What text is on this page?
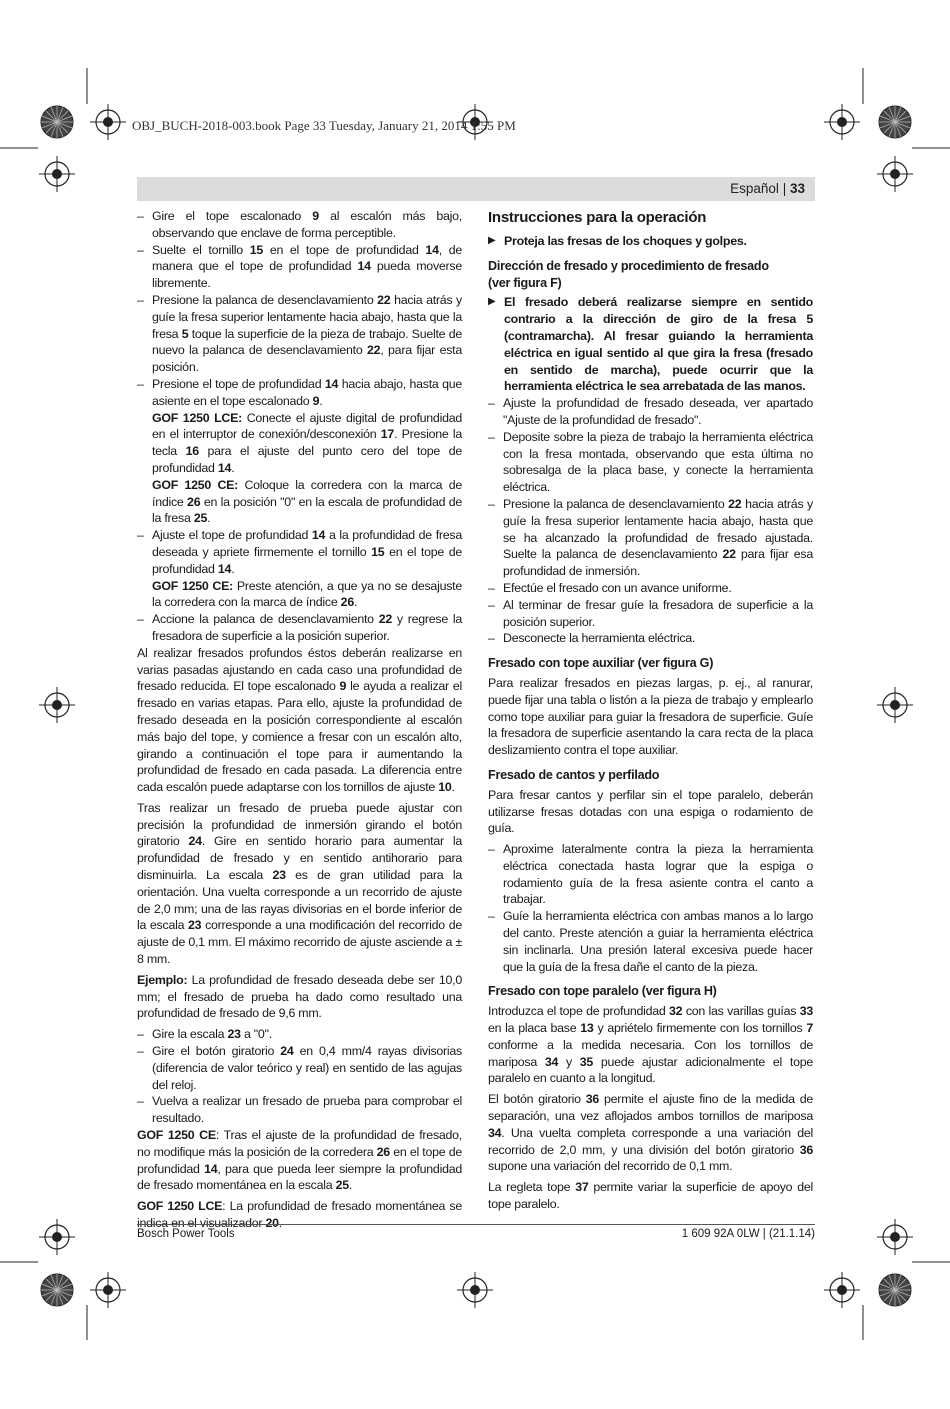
OBJ_BUCH-2018-003.book Page 33 Tuesday, January 21, 2014 1:55 PM
Español | 33

– Gire el tope escalonado 9 al escalón más bajo, observando que enclave de forma perceptible.

– Suelte el tornillo 15 en el tope de profundidad 14, de manera que el tope de profundidad 14 pueda moverse libremente.

– Presione la palanca de desenclavamiento 22 hacia atrás y guíe la fresa superior lentamente hacia abajo, hasta que la fresa 5 toque la superficie de la pieza de trabajo. Suelte de nuevo la palanca de desenclavamiento 22, para fijar esta posición.

– Presione el tope de profundidad 14 hacia abajo, hasta que asiente en el tope escalonado 9.

GOF 1250 LCE: Conecte el ajuste digital de profundidad en el interruptor de conexión/desconexión 17. Presione la tecla 16 para el ajuste del punto cero del tope de profundidad 14.

GOF 1250 CE: Coloque la corredera con la marca de índice 26 en la posición "0" en la escala de profundidad de la fresa 25.

– Ajuste el tope de profundidad 14 a la profundidad de fresa deseada y apriete firmemente el tornillo 15 en el tope de profundidad 14.

GOF 1250 CE: Preste atención, a que ya no se desajuste la corredera con la marca de índice 26.

– Accione la palanca de desenclavamiento 22 y regrese la fresadora de superficie a la posición superior.

Al realizar fresados profundos éstos deberán realizarse en varias pasadas ajustando en cada caso una profundidad de fresado reducida. El tope escalonado 9 le ayuda a realizar el fresado en varias etapas. Para ello, ajuste la profundidad de fresado deseada en la posición correspondiente al escalón más bajo del tope, y comience a fresar con un escalón alto, girando a continuación el tope para ir aumentando la profundidad de fresado en cada pasada. La diferencia entre cada escalón puede adaptarse con los tornillos de ajuste 10.

Tras realizar un fresado de prueba puede ajustar con precisión la profundidad de inmersión girando el botón giratorio 24. Gire en sentido horario para aumentar la profundidad de fresado y en sentido antihorario para disminuirla. La escala 23 es de gran utilidad para la orientación. Una vuelta corresponde a un recorrido de ajuste de 2,0 mm; una de las rayas divisorias en el borde inferior de la escala 23 corresponde a una modificación del recorrido de ajuste de 0,1 mm. El máximo recorrido de ajuste asciende a ± 8 mm.

Ejemplo: La profundidad de fresado deseada debe ser 10,0 mm; el fresado de prueba ha dado como resultado una profundidad de fresado de 9,6 mm.

– Gire la escala 23 a "0".

– Gire el botón giratorio 24 en 0,4 mm/4 rayas divisorias (diferencia de valor teórico y real) en sentido de las agujas del reloj.

– Vuelva a realizar un fresado de prueba para comprobar el resultado.

GOF 1250 CE: Tras el ajuste de la profundidad de fresado, no modifique más la posición de la corredera 26 en el tope de profundidad 14, para que pueda leer siempre la profundidad de fresado momentánea en la escala 25.

GOF 1250 LCE: La profundidad de fresado momentánea se

Instrucciones para la operación

▶ Proteja las fresas de los choques y golpes.

Dirección de fresado y procedimiento de fresado
(ver figura F)

▶ El fresado deberá realizarse siempre en sentido contrario a la dirección de giro de la fresa 5 (contramarcha). Al fresar guiando la herramienta eléctrica en igual sentido al que gira la fresa (fresado en sentido de marcha), puede ocurrir que la herramienta eléctrica le sea arrebatada de las manos.

– Ajuste la profundidad de fresado deseada, ver apartado "Ajuste de la profundidad de fresado".

– Deposite sobre la pieza de trabajo la herramienta eléctrica con la fresa montada, observando que esta última no sobresalga de la placa base, y conecte la herramienta eléctrica.

– Presione la palanca de desenclavamiento 22 hacia atrás y guíe la fresa superior lentamente hacia abajo, hasta que se ha alcanzado la profundidad de fresado ajustada. Suelte la palanca de desenclavamiento 22 para fijar esa profundidad de inmersión.

– Efectúe el fresado con un avance uniforme.

– Al terminar de fresar guíe la fresadora de superficie a la posición superior.

– Desconecte la herramienta eléctrica.

Fresado con tope auxiliar (ver figura G)

Para realizar fresados en piezas largas, p. ej., al ranurar, puede fijar una tabla o listón a la pieza de trabajo y emplearlo como tope auxiliar para guiar la fresadora de superficie. Guíe la fresadora de superficie asentando la cara recta de la placa deslizamiento contra el tope auxiliar.

Fresado de cantos y perfilado

Para fresar cantos y perfilar sin el tope paralelo, deberán utilizarse fresas dotadas con una espiga o rodamiento de guía.

– Aproxime lateralmente contra la pieza la herramienta eléctrica conectada hasta lograr que la espiga o rodamiento guía de la fresa asiente contra el canto a trabajar.

– Guíe la herramienta eléctrica con ambas manos a lo largo del canto. Preste atención a guiar la herramienta eléctrica sin inclinarla. Una presión lateral excesiva puede hacer que la guía de la fresa dañe el canto de la pieza.

Fresado con tope paralelo (ver figura H)

Introduzca el tope de profundidad 32 con las varillas guías 33 en la placa base 13 y apriételo firmemente con los tornillos 7 conforme a la medida necesaria. Con los tornillos de mariposa 34 y 35 puede ajustar adicionalmente el tope paralelo en cuanto a la longitud.

El botón giratorio 36 permite el ajuste fino de la medida de separación, una vez aflojados ambos tornillos de mariposa 34. Una vuelta completa corresponde a una variación del recorrido de 2,0 mm, y una división del botón giratorio 36 supone una variación del recorrido de 0,1 mm.

La regleta tope 37 permite variar la superficie de apoyo del tope paralelo.

Bosch Power Tools	1 609 92A 0LW | (21.1.14)
